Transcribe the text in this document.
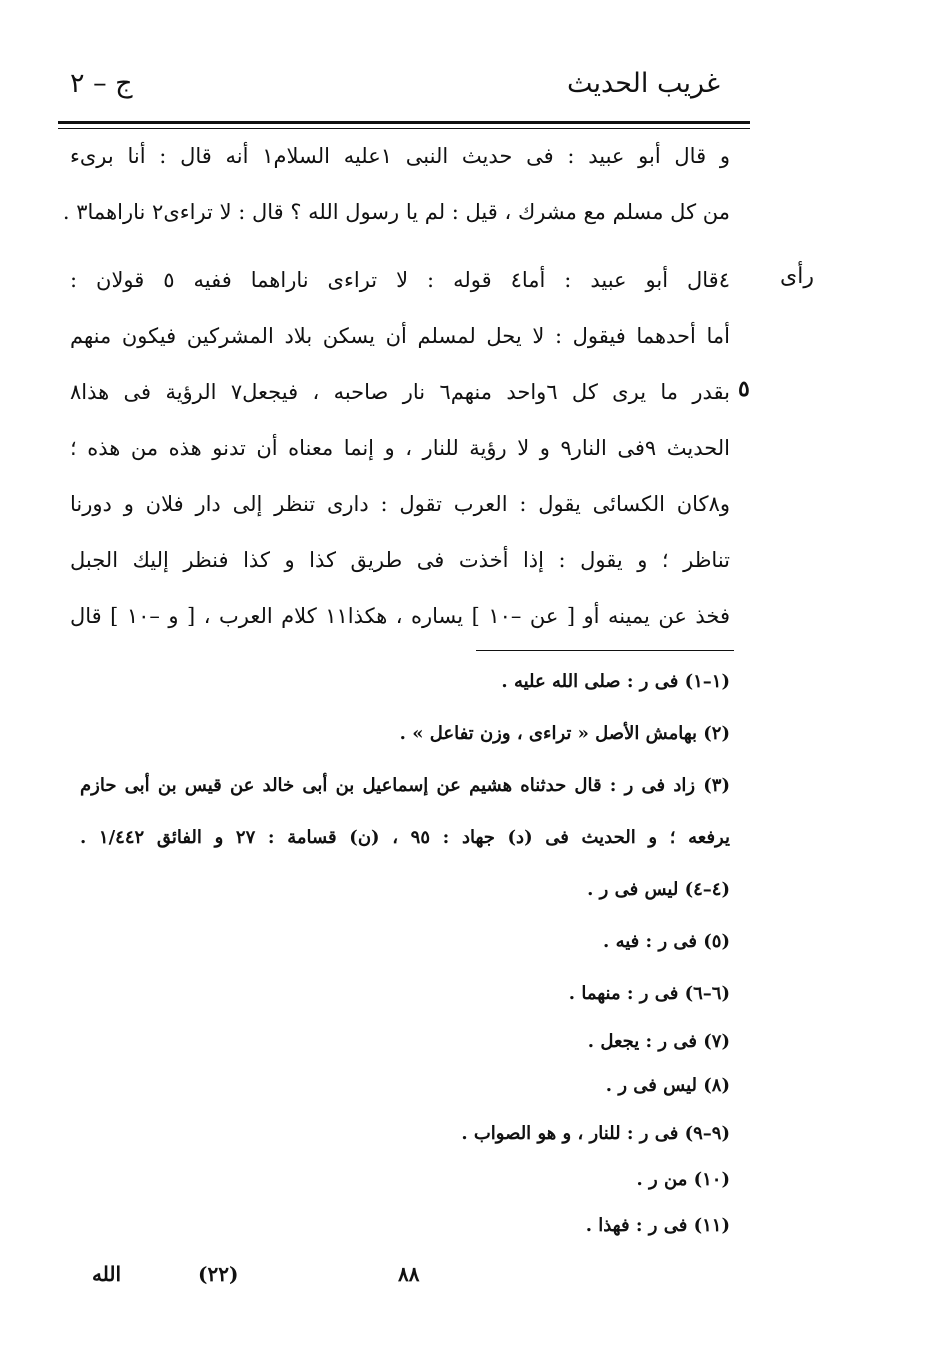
غريب الحديث
ج – ٢
رأى
٥
و قال أبو عبيد : فى حديث النبى ١عليه السلام١ أنه قال : أنا برىء
من كل مسلم مع مشرك ، قيل : لم يا رسول الله ؟ قال : لا تراءى٢ ناراهما٣ .
٤قال أبو عبيد : أما٤ قوله : لا تراءى ناراهما ففيه ٥ قولان :
أما أحدهما فيقول : لا يحل لمسلم أن يسكن بلاد المشركين فيكون منهم
بقدر ما يرى كل ٦واحد منهم٦ نار صاحبه ، فيجعل٧ الرؤية فى هذا٨
الحديث ٩فى النار٩ و لا رؤية للنار ، و إنما معناه أن تدنو هذه من هذه ؛
و٨كان الكسائى يقول : العرب تقول : دارى تنظر إلى دار فلان و دورنا
تناظر ؛ و يقول : إذا أخذت فى طريق كذا و كذا فنظر إليك الجبل
فخذ عن يمينه أو [ عن –١٠ ] يساره ، هكذا١١ كلام العرب ، [ و –١٠ ] قال
(١–١) فى ر : صلى الله عليه .
(٢) بهامش الأصل « تراءى ، وزن تفاعل » .
(٣) زاد فى ر : قال حدثناه هشيم عن إسماعيل بن أبى خالد عن قيس بن أبى حازم
يرفعه ؛ و الحديث فى (د) جهاد : ٩٥ ، (ن) قسامة : ٢٧ و الفائق ١/٤٤٢ .
(٤–٤) ليس فى ر .
(٥) فى ر : فيه .
(٦–٦) فى ر : منهما .
(٧) فى ر : يجعل .
(٨) ليس فى ر .
(٩–٩) فى ر : للنار ، و هو الصواب .
(١٠) من ر .
(١١) فى ر : فهذا .
الله	(٢٢)	٨٨
